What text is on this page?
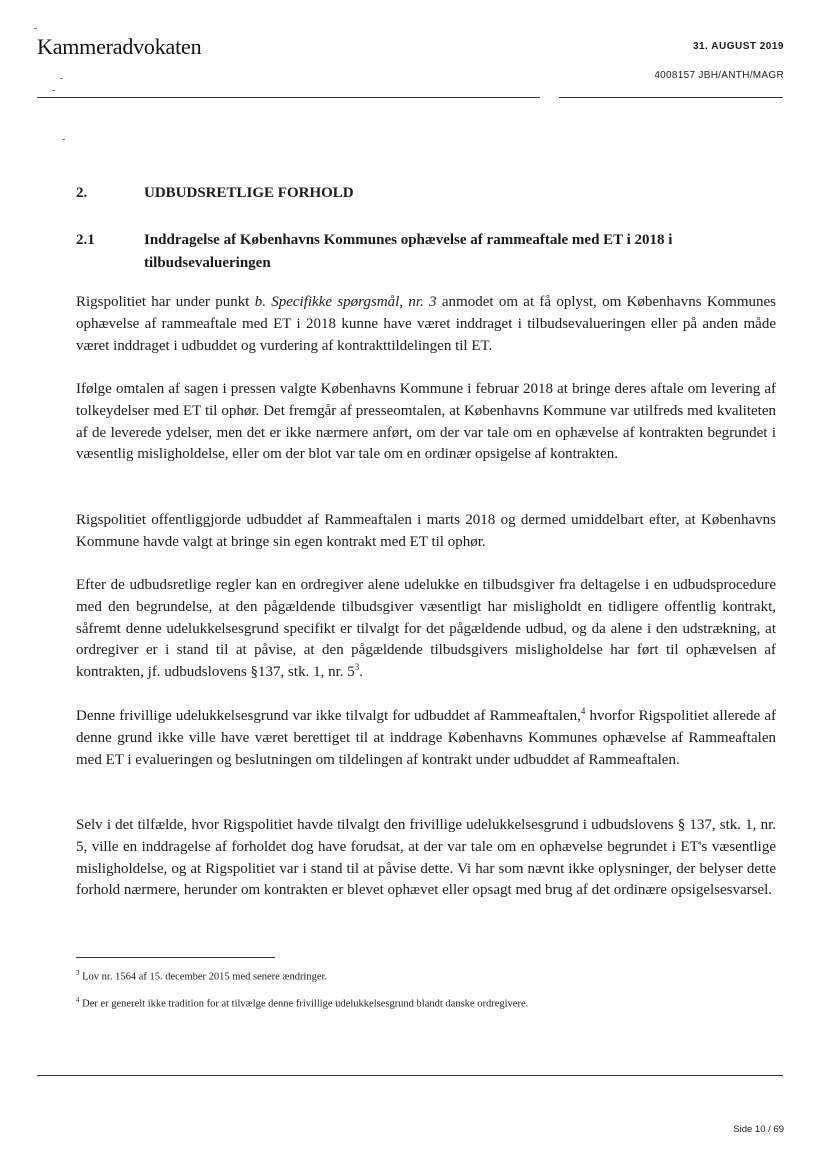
Kammeradvokaten	31. AUGUST 2019
4008157 JBH/ANTH/MAGR
2.	UDBUDSRETLIGE FORHOLD
2.1	Inddragelse af Københavns Kommunes ophævelse af rammeaftale med ET i 2018 i tilbudsevalueringen
Rigspolitiet har under punkt b. Specifikke spørgsmål, nr. 3 anmodet om at få oplyst, om Københavns Kommunes ophævelse af rammeaftale med ET i 2018 kunne have været inddraget i tilbudsevalueringen eller på anden måde været inddraget i udbuddet og vurdering af kontrakttildelingen til ET.
Ifølge omtalen af sagen i pressen valgte Københavns Kommune i februar 2018 at bringe deres aftale om levering af tolkeydelser med ET til ophør. Det fremgår af presseomtalen, at Københavns Kommune var utilfreds med kvaliteten af de leverede ydelser, men det er ikke nærmere anført, om der var tale om en ophævelse af kontrakten begrundet i væsentlig misligholdelse, eller om der blot var tale om en ordinær opsigelse af kontrakten.
Rigspolitiet offentliggjorde udbuddet af Rammeaftalen i marts 2018 og dermed umiddelbart efter, at Københavns Kommune havde valgt at bringe sin egen kontrakt med ET til ophør.
Efter de udbudsretlige regler kan en ordregiver alene udelukke en tilbudsgiver fra deltagelse i en udbudsprocedure med den begrundelse, at den pågældende tilbudsgiver væsentligt har misligholdt en tidligere offentlig kontrakt, såfremt denne udelukkelsesgrund specifikt er tilvalgt for det pågældende udbud, og da alene i den udstrækning, at ordregiver er i stand til at påvise, at den pågældende tilbudsgivers misligholdelse har ført til ophævelsen af kontrakten, jf. udbudslovens §137, stk. 1, nr. $5^3$.
Denne frivillige udelukkelsesgrund var ikke tilvalgt for udbuddet af Rammeaftalen,$^4$ hvorfor Rigspolitiet allerede af denne grund ikke ville have været berettiget til at inddrage Københavns Kommunes ophævelse af Rammeaftalen med ET i evalueringen og beslutningen om tildelingen af kontrakt under udbuddet af Rammeaftalen.
Selv i det tilfælde, hvor Rigspolitiet havde tilvalgt den frivillige udelukkelsesgrund i udbudslovens § 137, stk. 1, nr. 5, ville en inddragelse af forholdet dog have forudsat, at der var tale om en ophævelse begrundet i ET's væsentlige misligholdelse, og at Rigspolitiet var i stand til at påvise dette. Vi har som nævnt ikke oplysninger, der belyser dette forhold nærmere, herunder om kontrakten er blevet ophævet eller opsagt med brug af det ordinære opsigelsesvarsel.
$^3$ Lov nr. 1564 af 15. december 2015 med senere ændringer.
$^4$ Der er generelt ikke tradition for at tilvælge denne frivillige udelukkelsesgrund blandt danske ordregivere.
Side 10 / 69
